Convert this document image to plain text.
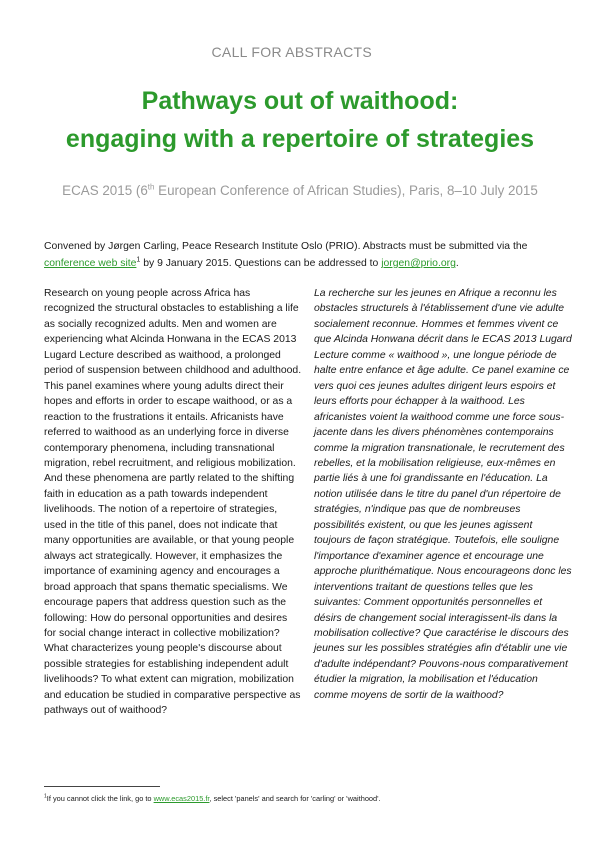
CALL FOR ABSTRACTS
Pathways out of waithood:
engaging with a repertoire of strategies
ECAS 2015 (6th European Conference of African Studies), Paris, 8–10 July 2015
Convened by Jørgen Carling, Peace Research Institute Oslo (PRIO). Abstracts must be submitted via the conference web site$^1$ by 9 January 2015. Questions can be addressed to jorgen@prio.org.
Research on young people across Africa has recognized the structural obstacles to establishing a life as socially recognized adults. Men and women are experiencing what Alcinda Honwana in the ECAS 2013 Lugard Lecture described as waithood, a prolonged period of suspension between childhood and adulthood. This panel examines where young adults direct their hopes and efforts in order to escape waithood, or as a reaction to the frustrations it entails. Africanists have referred to waithood as an underlying force in diverse contemporary phenomena, including transnational migration, rebel recruitment, and religious mobilization. And these phenomena are partly related to the shifting faith in education as a path towards independent livelihoods. The notion of a repertoire of strategies, used in the title of this panel, does not indicate that many opportunities are available, or that young people always act strategically. However, it emphasizes the importance of examining agency and encourages a broad approach that spans thematic specialisms. We encourage papers that address question such as the following: How do personal opportunities and desires for social change interact in collective mobilization? What characterizes young people's discourse about possible strategies for establishing independent adult livelihoods? To what extent can migration, mobilization and education be studied in comparative perspective as pathways out of waithood?
La recherche sur les jeunes en Afrique a reconnu les obstacles structurels à l'établissement d'une vie adulte socialement reconnue. Hommes et femmes vivent ce que Alcinda Honwana décrit dans le ECAS 2013 Lugard Lecture comme « waithood », une longue période de halte entre enfance et âge adulte. Ce panel examine ce vers quoi ces jeunes adultes dirigent leurs espoirs et leurs efforts pour échapper à la waithood. Les africanistes voient la waithood comme une force sous-jacente dans les divers phénomènes contemporains comme la migration transnationale, le recrutement des rebelles, et la mobilisation religieuse, eux-mêmes en partie liés à une foi grandissante en l'éducation. La notion utilisée dans le titre du panel d'un répertoire de stratégies, n'indique pas que de nombreuses possibilités existent, ou que les jeunes agissent toujours de façon stratégique. Toutefois, elle souligne l'importance d'examiner agence et encourage une approche plurithématique. Nous encourageons donc les interventions traitant de questions telles que les suivantes: Comment opportunités personnelles et désirs de changement social interagissent-ils dans la mobilisation collective? Que caractérise le discours des jeunes sur les possibles stratégies afin d'établir une vie d'adulte indépendant? Pouvons-nous comparativement étudier la migration, la mobilisation et l'éducation comme moyens de sortir de la waithood?
$^1$If you cannot click the link, go to www.ecas2015.fr, select 'panels' and search for 'carling' or 'waithood'.
